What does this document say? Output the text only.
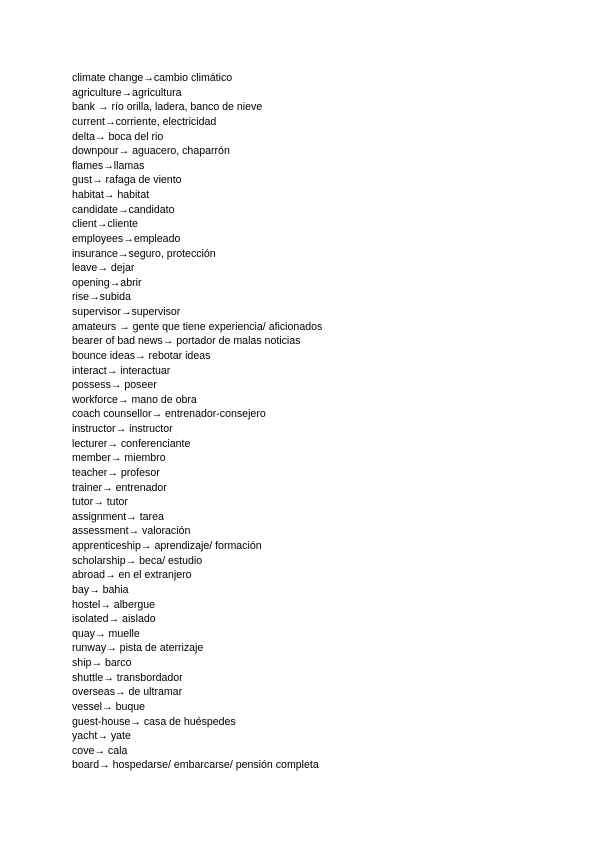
climate change→cambio climático
agriculture→agricultura
bank → río orilla, ladera, banco de nieve
current→corriente, electricidad
delta→ boca del rio
downpour→ aguacero, chaparrón
flames→llamas
gust→ rafaga de viento
habitat→ habitat
candidate→candidato
client→cliente
employees→empleado
insurance→seguro, protección
leave→ dejar
opening→abrir
rise→subida
supervisor→supervisor
amateurs → gente que tiene experiencia/ aficionados
bearer of bad news→ portador de malas noticias
bounce ideas→ rebotar ideas
interact→ interactuar
possess→ poseer
workforce→ mano de obra
coach counsellor→ entrenador-consejero
instructor→ instructor
lecturer→ conferenciante
member→ miembro
teacher→ profesor
trainer→ entrenador
tutor→ tutor
assignment→ tarea
assessment→ valoración
apprenticeship→ aprendizaje/ formación
scholarship→ beca/ estudio
abroad→ en el extranjero
bay→ bahia
hostel→ albergue
isolated→ aislado
quay→ muelle
runway→ pista de aterrizaje
ship→ barco
shuttle→ transbordador
overseas→ de ultramar
vessel→ buque
guest-house→ casa de huéspedes
yacht→ yate
cove→ cala
board→ hospedarse/ embarcarse/ pensión completa
